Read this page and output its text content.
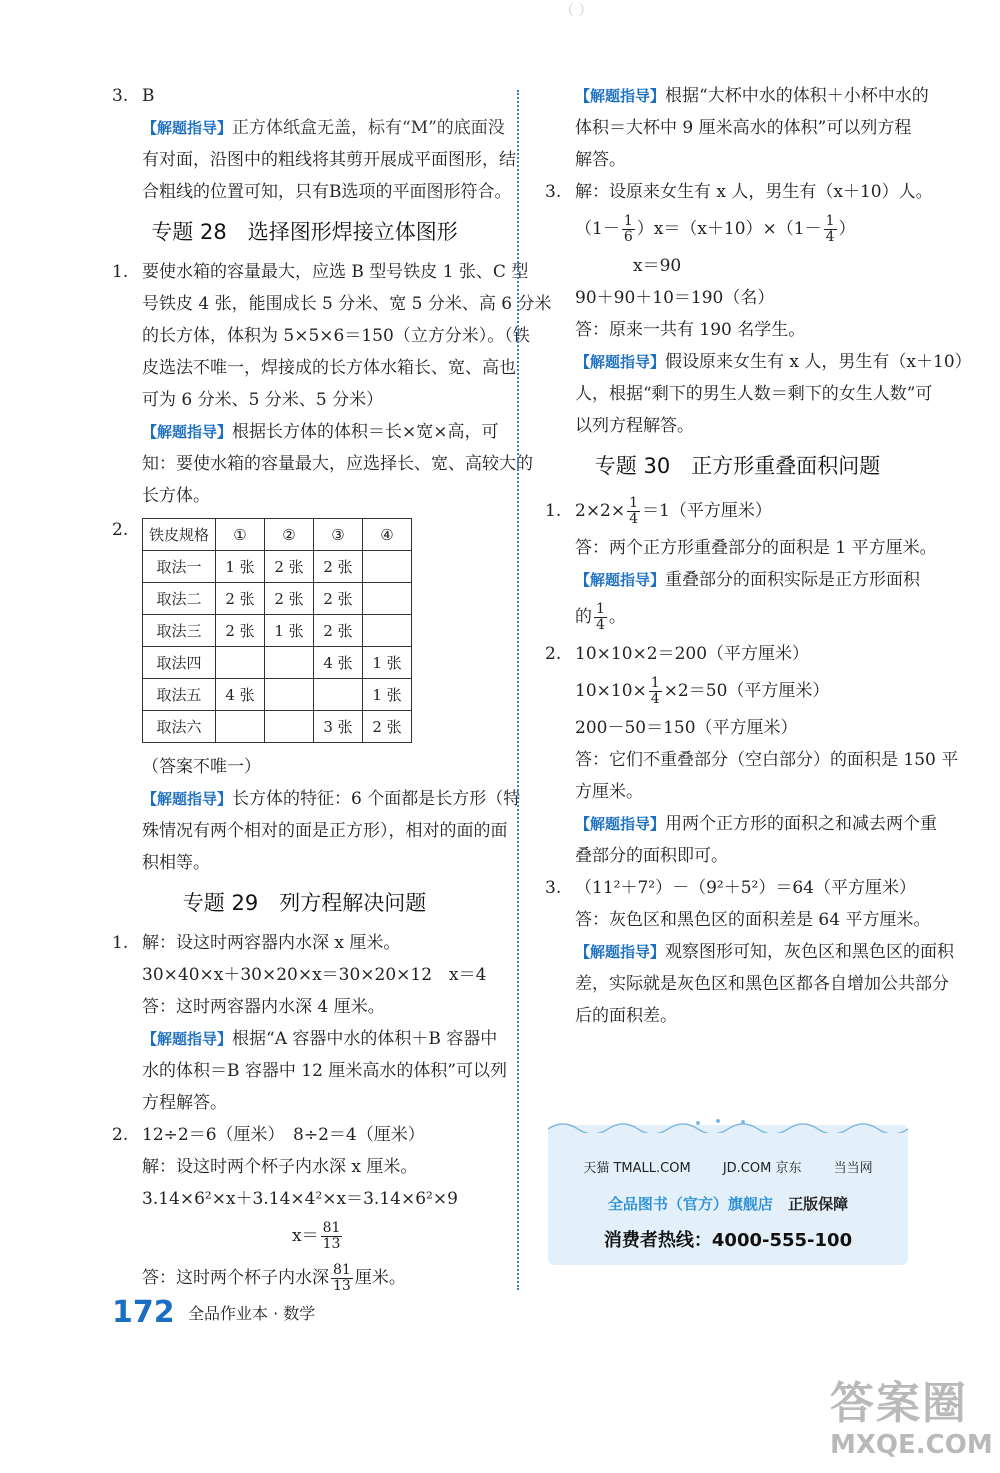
（ ）
3. B
【解题指导】正方体纸盒无盖，标有“M”的底面没
有对面，沿图中的粗线将其剪开展成平面图形，结
合粗线的位置可知，只有B选项的平面图形符合。
专题 28　选择图形焊接立体图形
1. 要使水箱的容量最大，应选 B 型号铁皮 1 张、C 型
号铁皮 4 张，能围成长 5 分米、宽 5 分米、高 6 分米
的长方体，体积为 5×5×6＝150（立方分米）。（铁
皮选法不唯一，焊接成的长方体水箱长、宽、高也
可为 6 分米、5 分米、5 分米）
【解题指导】根据长方体的体积＝长×宽×高，可
知：要使水箱的容量最大，应选择长、宽、高较大的
长方体。
2.	铁皮规格	①	②	③	④
取法一	1 张	2 张	2 张	
取法二	2 张	2 张	2 张	
取法三	2 张	1 张	2 张	
取法四			4 张	1 张
取法五	4 张			1 张
取法六			3 张	2 张
（答案不唯一）
【解题指导】长方体的特征：6 个面都是长方形（特
殊情况有两个相对的面是正方形），相对的面的面
积相等。
专题 29　列方程解决问题
1. 解：设这时两容器内水深 x 厘米。
30×40×x＋30×20×x＝30×20×12　x＝4
答：这时两容器内水深 4 厘米。
【解题指导】根据“A 容器中水的体积＋B 容器中
水的体积＝B 容器中 12 厘米高水的体积”可以列
方程解答。
2. 12÷2＝6（厘米）　8÷2＝4（厘米）
解：设这时两个杯子内水深 x 厘米。
3.14×6²×x＋3.14×4²×x＝3.14×6²×9
$x= \frac{81}{13}$
答：这时两个杯子内水深 $\frac{81}{13}$ 厘米。
【解题指导】根据“大杯中水的体积＋小杯中水的
体积＝大杯中 9 厘米高水的体积”可以列方程
解答。
3. 解：设原来女生有 x 人，男生有（x＋10）人。
$(1- \frac{1}{6} )x=(x+10)\times(1- \frac{1}{4}$ ）
x＝90
90＋90＋10＝190（名）
答：原来一共有 190 名学生。
【解题指导】假设原来女生有 x 人，男生有（x＋10）
人，根据“剩下的男生人数＝剩下的女生人数”可
以列方程解答。
专题 30　正方形重叠面积问题
1. $2\times 2\times \frac{1}{4} =1$（平方厘米）
答：两个正方形重叠部分的面积是 1 平方厘米。
【解题指导】重叠部分的面积实际是正方形面积
的 $\frac{1}{4}$ 。
2. 10×10×2＝200（平方厘米）
$10\times 10\times \frac{1}{4} \times 2=50$（平方厘米）
200－50＝150（平方厘米）
答：它们不重叠部分（空白部分）的面积是 150 平
方厘米。
【解题指导】用两个正方形的面积之和减去两个重
叠部分的面积即可。
3. （11²＋7²）－（9²＋5²）＝64（平方厘米）
答：灰色区和黑色区的面积差是 64 平方厘米。
【解题指导】观察图形可知，灰色区和黑色区的面积
差，实际就是灰色区和黑色区都各自增加公共部分
后的面积差。
天猫 TMALL.COM JD.COM 京东 当当网
全品图书（官方）旗舰店 正版保障
消费者热线：4000-555-100
172 全品作业本 · 数学
答案圈
MXQE.COM
